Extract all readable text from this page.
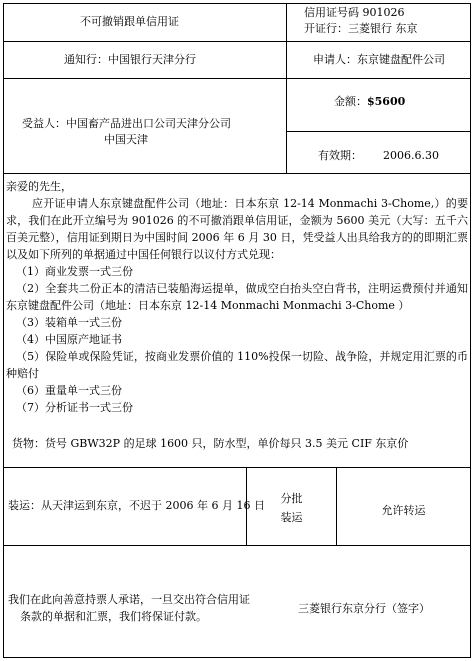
不可撤销跟单信用证
信用证号码 901026
开证行：三菱银行 东京
通知行：中国银行天津分行	申请人：东京键盘配件公司
受益人：中国畜产品进出口公司天津分公司
中国天津
金额：$5600
有效期：      2006.6.30
亲爱的先生，
应开证申请人东京键盘配件公司（地址：日本东京 12-14 Monmachi 3-Chome,）的要求，我们在此开立编号为 901026 的不可撤消跟单信用证，金额为 5600 美元（大写：五千六百美元整），信用证到期日为中国时间 2006 年 6 月 30 日，凭受益人出具给我方的的即期汇票以及如下所列的单据通过中国任何银行以议付方式兑现：
（1）商业发票一式三份
（2）全套共二份正本的清洁已装船海运提单，做成空白抬头空白背书，注明运费预付并通知东京键盘配件公司（地址：日本东京 12-14 Monmachi Monmachi 3-Chome ）
（3）装箱单一式三份
（4）中国原产地证书
（5）保险单或保险凭证，按商业发票价值的 110%投保一切险、战争险，并规定用汇票的币种赔付
（6）重量单一式三份
（7）分析证书一式三份
货物：货号 GBW32P 的足球 1600 只，防水型，单价每只 3.5 美元 CIF 东京价
装运：从天津运到东京，不迟于 2006 年 6 月 16 日
分批
装运
允许转运
我们在此向善意持票人承诺，一旦交出符合信用证
条款的单据和汇票，我们将保证付款。
三菱银行东京分行（签字）
